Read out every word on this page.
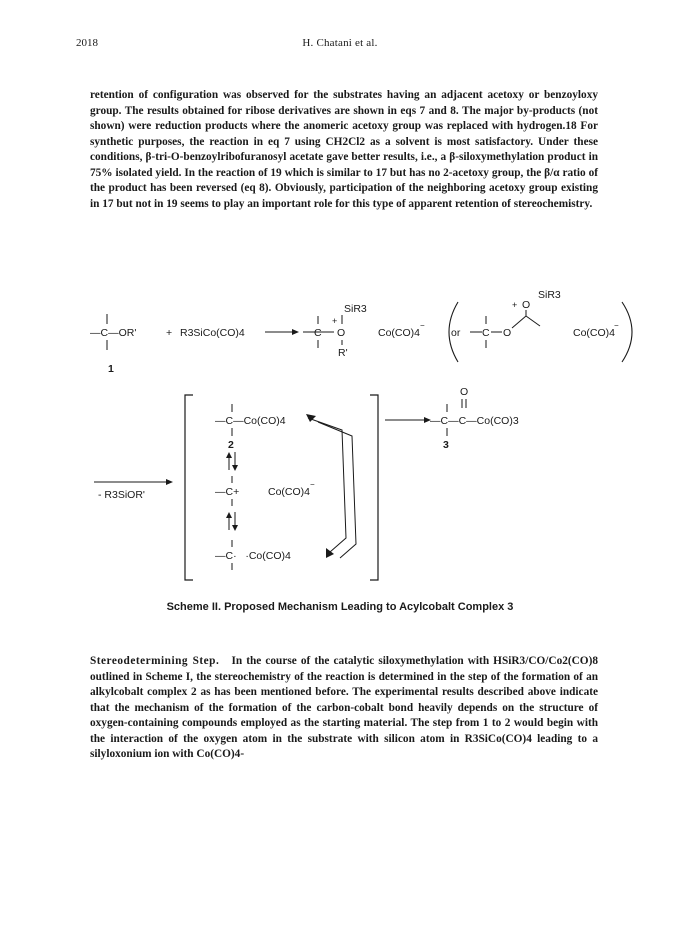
2018	H. Chatani et al.

retention of configuration was observed for the substrates having an adjacent acetoxy or benzoyloxy group. The results obtained for ribose derivatives are shown in eqs 7 and 8. The major by-products (not shown) were reduction products where the anomeric acetoxy group was replaced with hydrogen.18 For synthetic purposes, the reaction in eq 7 using CH2Cl2 as a solvent is most satisfactory. Under these conditions, β-tri-O-benzoylribofuranosyl acetate gave better results, i.e., a β-siloxymethylation product in 75% isolated yield. In the reaction of 19 which is similar to 17 but has no 2-acetoxy group, the β/α ratio of the product has been reversed (eq 8). Obviously, participation of the neighboring acetoxy group existing in 17 but not in 19 seems to play an important role for this type of apparent retention of stereochemistry.

—C—OR'	+ R3SiCo(CO)4
1
C O
SiR3
+
R'
Co(CO)4
−
or C O
O
+
SiR3
Co(CO)4
−
- R3SiOR'
—C—Co(CO)4
2
—C+	Co(CO)4
−
—C·   ·Co(CO)4
O
—C—C—Co(CO)3
3
Scheme II. Proposed Mechanism Leading to Acylcobalt Complex 3

Stereodetermining Step. In the course of the catalytic siloxymethylation with HSiR3/CO/Co2(CO)8 outlined in Scheme I, the stereochemistry of the reaction is determined in the step of the formation of an alkylcobalt complex 2 as has been mentioned before. The experimental results described above indicate that the mechanism of the formation of the carbon-cobalt bond heavily depends on the structure of oxygen-containing compounds employed as the starting material. The step from 1 to 2 would begin with the interaction of the oxygen atom in the substrate with silicon atom in R3SiCo(CO)4 leading to a silyloxonium ion with Co(CO)4-
